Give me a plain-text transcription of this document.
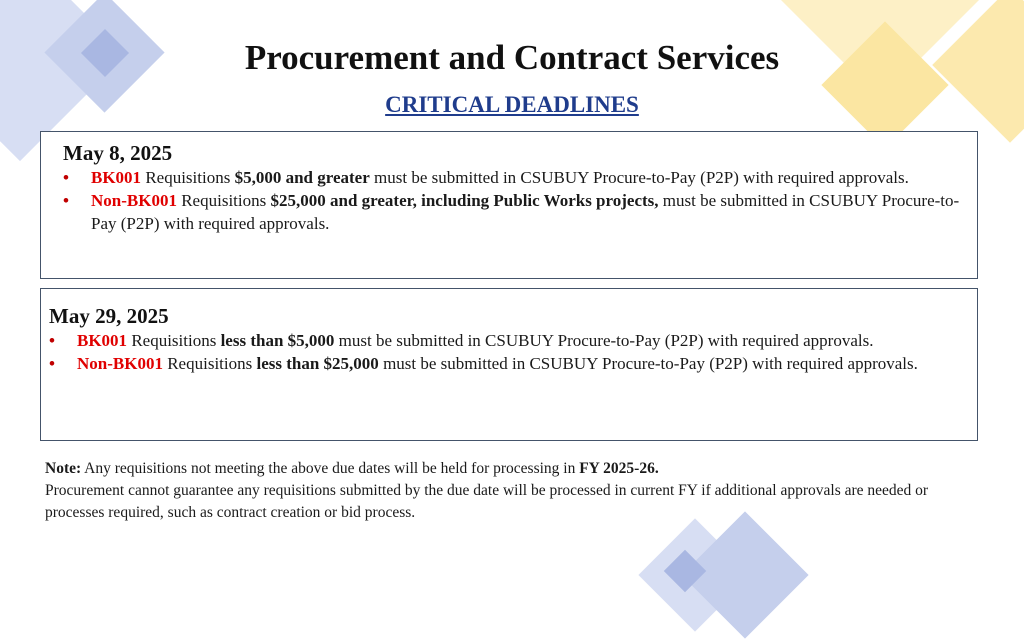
Procurement and Contract Services
CRITICAL DEADLINES
May 8, 2025
• BK001 Requisitions $5,000 and greater must be submitted in CSUBUY Procure-to-Pay (P2P) with required approvals.
• Non-BK001 Requisitions $25,000 and greater, including Public Works projects, must be submitted in CSUBUY Procure-to-Pay (P2P) with required approvals.
May 29, 2025
• BK001 Requisitions less than $5,000 must be submitted in CSUBUY Procure-to-Pay (P2P) with required approvals.
• Non-BK001 Requisitions less than $25,000 must be submitted in CSUBUY Procure-to-Pay (P2P) with required approvals.
Note: Any requisitions not meeting the above due dates will be held for processing in FY 2025-26.
Procurement cannot guarantee any requisitions submitted by the due date will be processed in current FY if additional approvals are needed or processes required, such as contract creation or bid process.
